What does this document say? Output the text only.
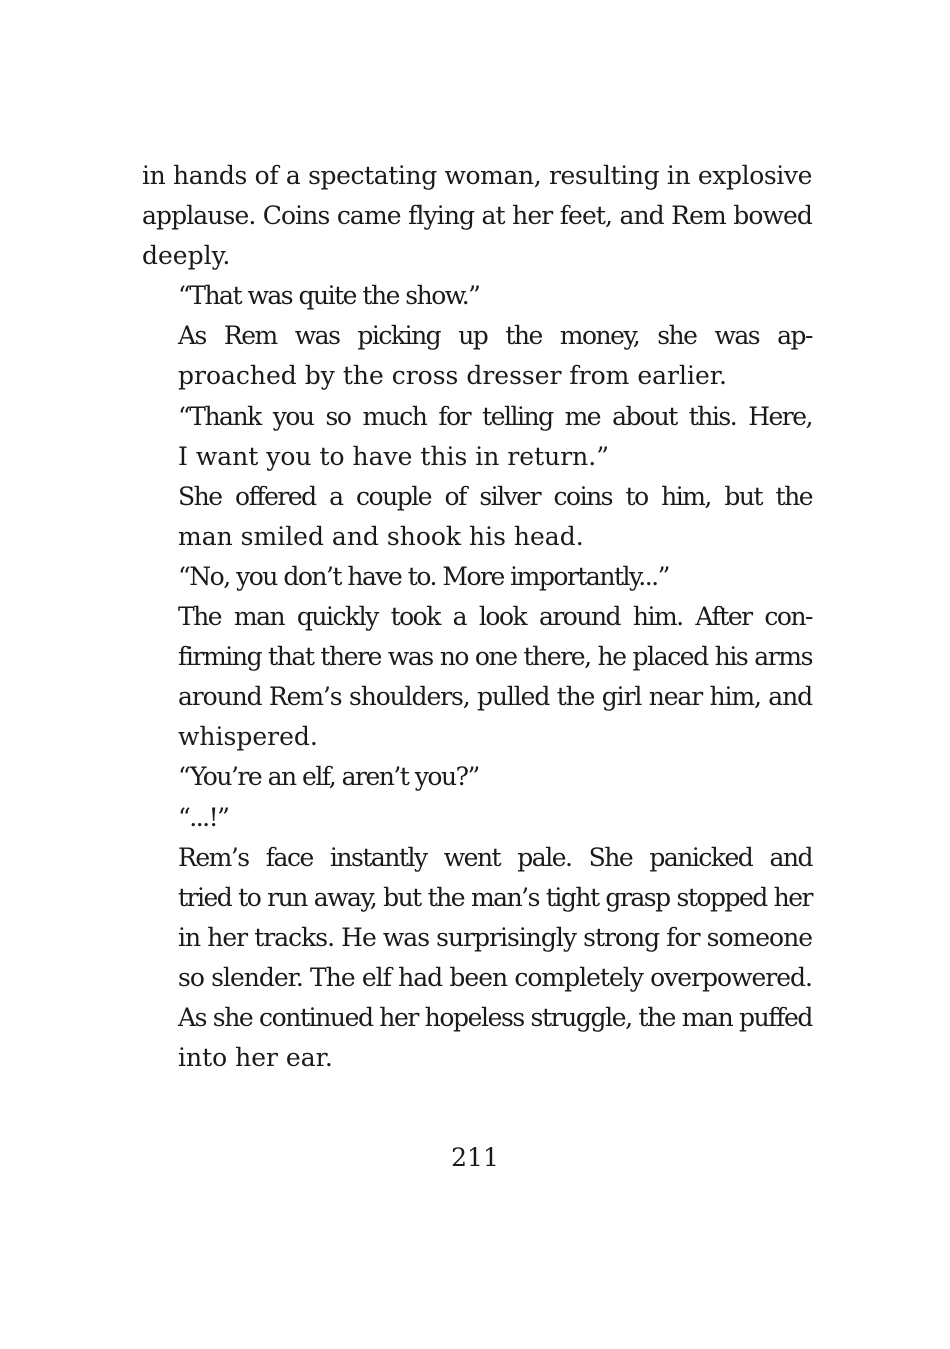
in hands of a spectating woman, resulting in explosive
applause. Coins came flying at her feet, and Rem bowed
deeply.

“That was quite the show.”

As Rem was picking up the money, she was ap-
proached by the cross dresser from earlier.

“Thank you so much for telling me about this. Here,
I want you to have this in return.”

She offered a couple of silver coins to him, but the
man smiled and shook his head.

“No, you don’t have to. More importantly...”

The man quickly took a look around him. After con-
firming that there was no one there, he placed his arms
around Rem’s shoulders, pulled the girl near him, and
whispered.

“You’re an elf, aren’t you?”

“...!”

Rem’s face instantly went pale. She panicked and
tried to run away, but the man’s tight grasp stopped her
in her tracks. He was surprisingly strong for someone
so slender. The elf had been completely overpowered.
As she continued her hopeless struggle, the man puffed
into her ear.

211
